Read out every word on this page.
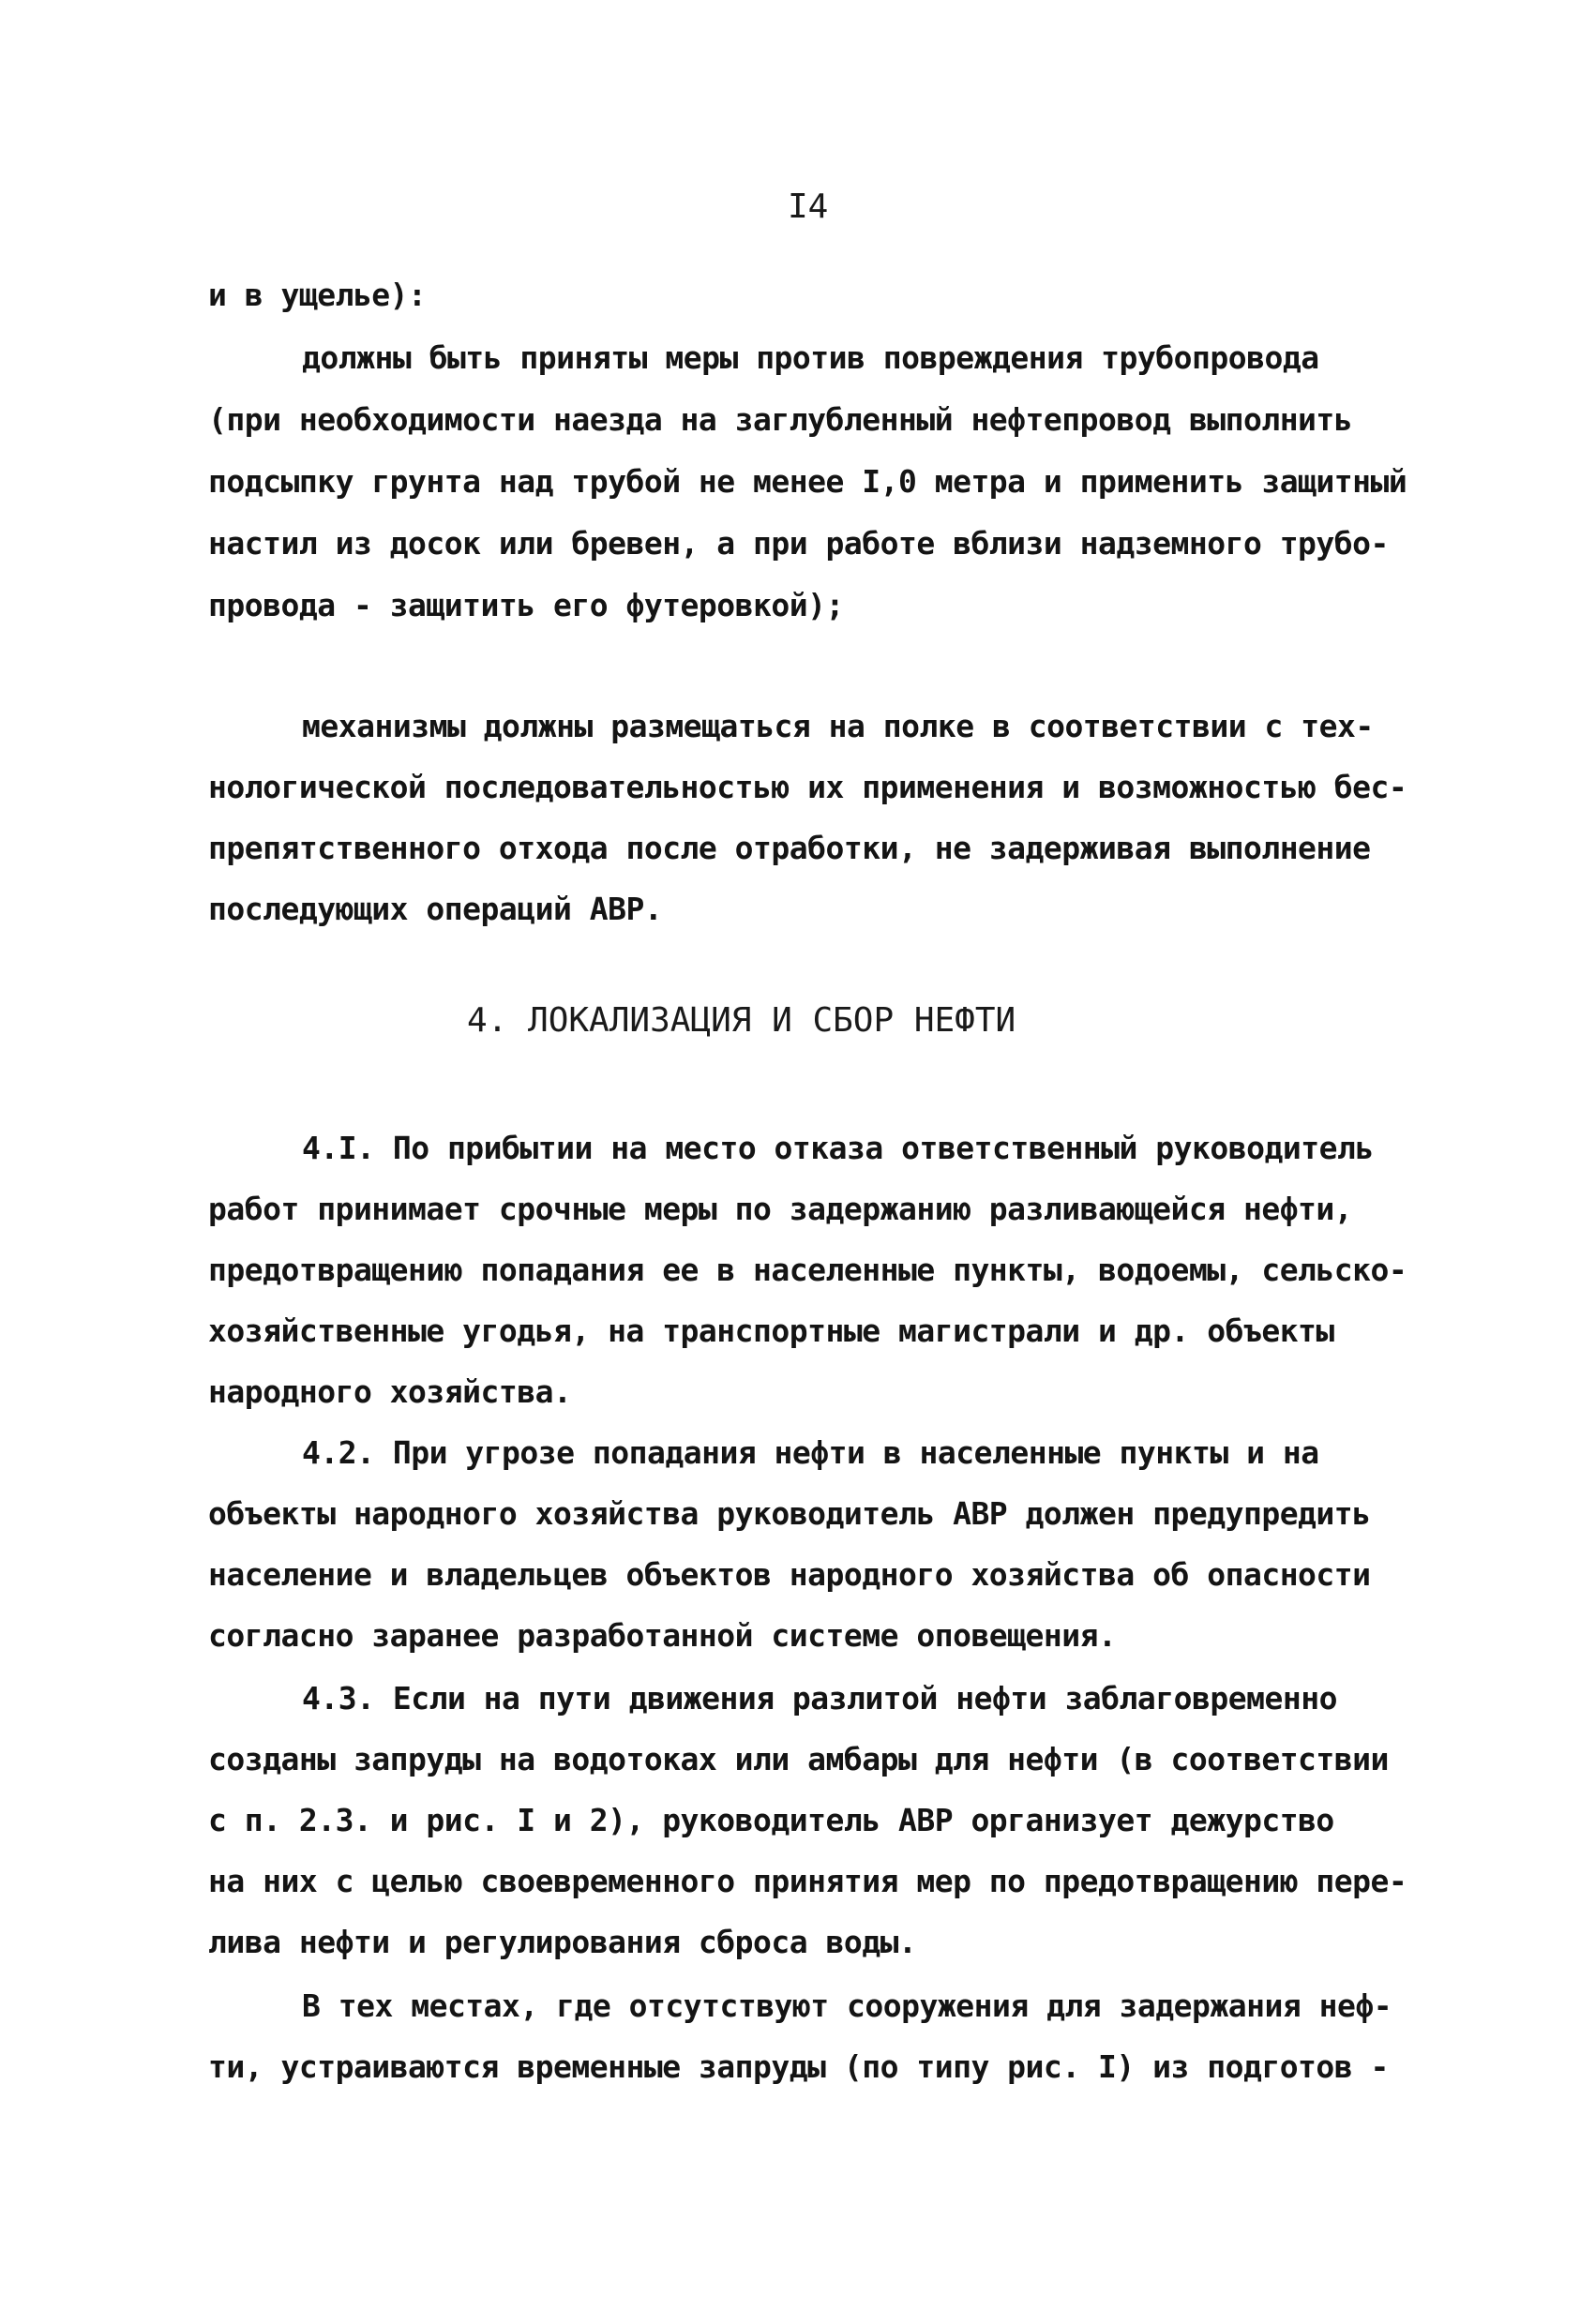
I4
и в ущелье):
должны быть приняты меры против повреждения трубопровода
(при необходимости наезда на заглубленный нефтепровод выполнить
подсыпку грунта над трубой не менее I,0 метра и применить защитный
настил из досок или бревен, а при работе вблизи надземного трубо-
провода - защитить его футеровкой);
механизмы должны размещаться на полке в соответствии с тех-
нологической последовательностью их применения и возможностью бес-
препятственного отхода после отработки, не задерживая выполнение
последующих операций АВР.
4. ЛОКАЛИЗАЦИЯ И СБОР НЕФТИ
4.I. По прибытии на место отказа ответственный руководитель
работ принимает срочные меры по задержанию разливающейся нефти,
предотвращению попадания ее в населенные пункты, водоемы, сельско-
хозяйственные угодья, на транспортные магистрали и др. объекты
народного хозяйства.
4.2. При угрозе попадания нефти в населенные пункты и на
объекты народного хозяйства руководитель АВР должен предупредить
население и владельцев объектов народного хозяйства об опасности
согласно заранее разработанной системе оповещения.
4.3. Если на пути движения разлитой нефти заблаговременно
созданы запруды на водотоках или амбары для нефти (в соответствии
с п. 2.3. и рис. I и 2), руководитель АВР организует дежурство
на них с целью своевременного принятия мер по предотвращению пере-
лива нефти и регулирования сброса воды.
В тех местах, где отсутствуют сооружения для задержания неф-
ти, устраиваются временные запруды (по типу рис. I) из подготов -
